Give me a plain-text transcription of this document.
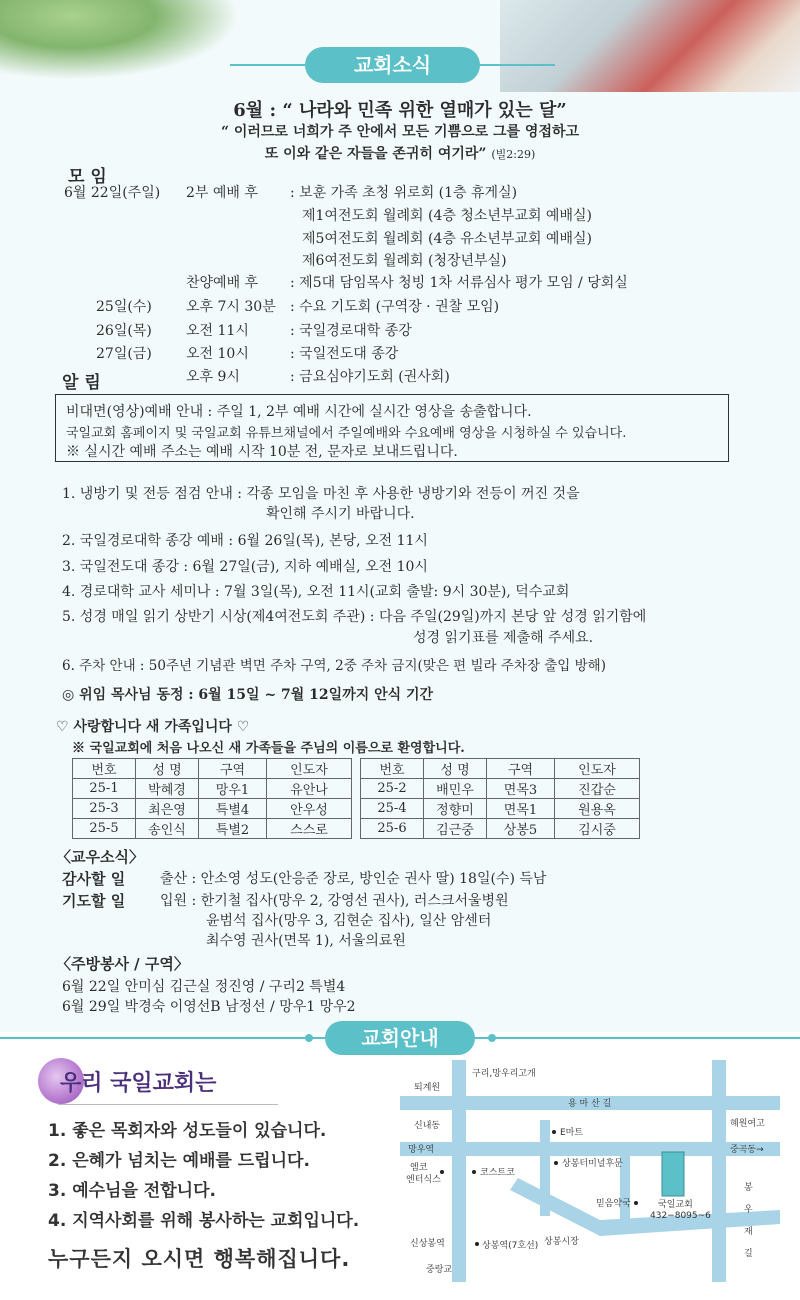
교회소식
6월 : “ 나라와 민족 위한 열매가 있는 달”
“ 이러므로 너희가 주 안에서 모든 기쁨으로 그를 영접하고
또 이와 같은 자들을 존귀히 여기라” (빌2:29)
모 임
6월 22일(주일) 2부 예배 후 : 보훈 가족 초청 위로회 (1층 휴게실)
제1여전도회 월례회 (4층 청소년부교회 예배실)
제5여전도회 월례회 (4층 유소년부교회 예배실)
제6여전도회 월례회 (청장년부실)
찬양예배 후 : 제5대 담임목사 청빙 1차 서류심사 평가 모임 / 당회실
25일(수) 오후 7시 30분 : 수요 기도회 (구역장 · 권찰 모임)
26일(목) 오전 11시	: 국일경로대학 종강
27일(금) 오전 10시	: 국일전도대 종강
오후 9시	: 금요심야기도회 (권사회)
알 림
비대면(영상)예배 안내 : 주일 1, 2부 예배 시간에 실시간 영상을 송출합니다.
국일교회 홈페이지 및 국일교회 유튜브채널에서 주일예배와 수요예배 영상을 시청하실 수 있습니다.
※ 실시간 예배 주소는 예배 시작 10분 전, 문자로 보내드립니다.
1. 냉방기 및 전등 점검 안내 : 각종 모임을 마친 후 사용한 냉방기와 전등이 꺼진 것을
확인해 주시기 바랍니다.
2. 국일경로대학 종강 예배 : 6월 26일(목), 본당, 오전 11시
3. 국일전도대 종강 : 6월 27일(금), 지하 예배실, 오전 10시
4. 경로대학 교사 세미나 : 7월 3일(목), 오전 11시(교회 출발: 9시 30분), 덕수교회
5. 성경 매일 읽기 상반기 시상(제4여전도회 주관) : 다음 주일(29일)까지 본당 앞 성경 읽기함에
성경 읽기표를 제출해 주세요.
6. 주차 안내 : 50주년 기념관 벽면 주차 구역, 2중 주차 금지(맞은 편 빌라 주차장 출입 방해)
◎ 위임 목사님 동정 : 6월 15일 ~ 7월 12일까지 안식 기간
♡ 사랑합니다 새 가족입니다 ♡
※ 국일교회에 처음 나오신 새 가족들을 주님의 이름으로 환영합니다.
번호	성 명	구역	인도자		번호	성 명	구역	인도자
25-1	박혜경	망우1	유안나		25-2	배민우	면목3	진갑순
25-3	최은영	특별4	안우성		25-4	정향미	면목1	원용옥
25-5	송인식	특별2	스스로		25-6	김근중	상봉5	김시중
〈교우소식〉
감사할 일 출산 : 안소영 성도(안응준 장로, 방인순 권사 딸) 18일(수) 득남
기도할 일 입원 : 한기철 집사(망우 2, 강영선 권사), 러스크서울병원
윤범석 집사(망우 3, 김현순 집사), 일산 암센터
최수영 권사(면목 1), 서울의료원
〈주방봉사 / 구역〉
6월 22일 안미심 김근실 정진영 / 구리2 특별4
6월 29일 박경숙 이영선B 남정선 / 망우1 망우2
교회안내
우리 국일교회는
1. 좋은 목회자와 성도들이 있습니다.
2. 은혜가 넘치는 예배를 드립니다.
3. 예수님을 전합니다.
4. 지역사회를 위해 봉사하는 교회입니다.
누구든지 오시면 행복해집니다.
구리,망우리고개
퇴계원
신내동
망우역
용 마 산 길
혜원여고
중곡동→
E마트
엠코
엔터식스
코스트코
상봉터미널후문
믿음약국	국일교회
432−8095~6
봉
우
재
길
상봉시장
신상봉역	상봉역(7호선)
중랑교
